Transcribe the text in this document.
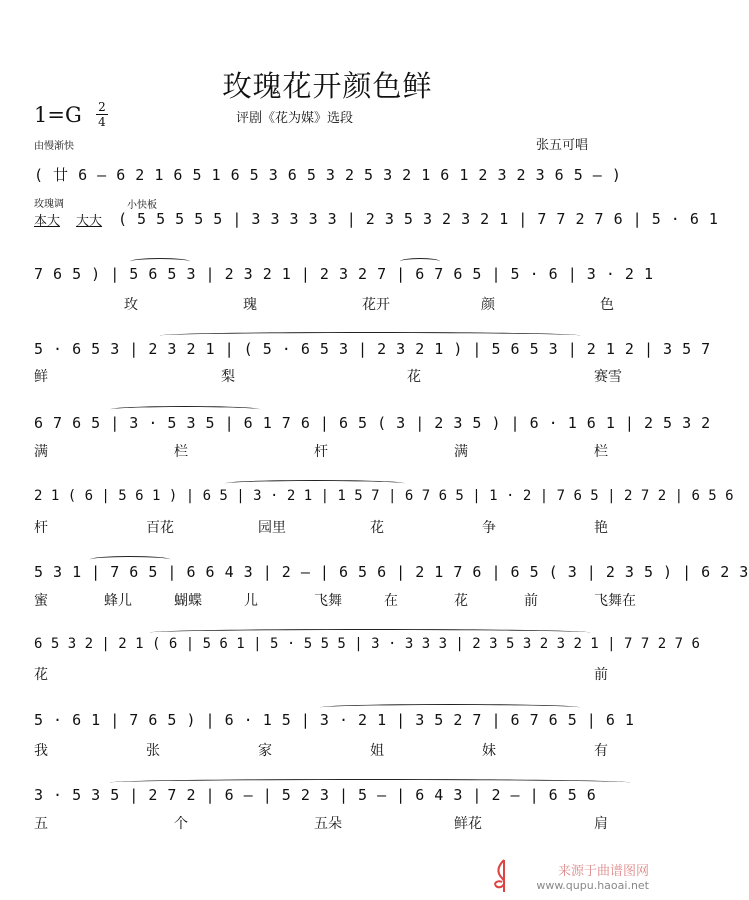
玫瑰花开颜色鲜
1=G 2
4	评剧《花为媒》选段
由慢渐快	张五可唱
玫瑰调	小快板
本大 大大
( 廿 6 – 6 2 1 6 5 1 6 5 3 6 5 3 2 5 3 2 1 6 1 2 3 2 3 6 5 – )
( 5 5 5 5 5 | 3 3 3 3 3 | 2 3 5 3 2 3 2 1 | 7 7 2 7 6 | 5 · 6 1
7 6 5 ) | 5 6 5 3 | 2 3 2 1 | 2 3 2 7 | 6 7 6 5 | 5 · 6 | 3 · 2 1
5 · 6 5 3 | 2 3 2 1 | ( 5 · 6 5 3 | 2 3 2 1 ) | 5 6 5 3 | 2 1 2 | 3 5 7
6 7 6 5 | 3 · 5 3 5 | 6 1 7 6 | 6 5 ( 3 | 2 3 5 ) | 6 · 1 6 1 | 2 5 3 2
2 1 ( 6 | 5 6 1 ) | 6 5 | 3 · 2 1 | 1 5 7 | 6 7 6 5 | 1 · 2 | 7 6 5 | 2 7 2 | 6 5 6
5 3 1 | 7 6 5 | 6 6 4 3 | 2 – | 6 5 6 | 2 1 7 6 | 6 5 ( 3 | 2 3 5 ) | 6 2 3
6 5 3 2 | 2 1 ( 6 | 5 6 1 | 5 · 5 5 5 | 3 · 3 3 3 | 2 3 5 3 2 3 2 1 | 7 7 2 7 6
5 · 6 1 | 7 6 5 ) | 6 · 1 5 | 3 · 2 1 | 3 5 2 7 | 6 7 6 5 | 6 1
3 · 5 3 5 | 2 7 2 | 6 – | 5 2 3 | 5 – | 6 4 3 | 2 – | 6 5 6
玫	瑰	花开	颜	色
鲜	梨	花	赛雪
满	栏	杆	满	栏
杆	百花	园里	花	争	艳
蜜	蜂儿	蝴蝶	儿	飞舞	在	花	前	飞舞在
花	前
我	张	家	姐	妹	有
五	个	五朵	鲜花	肩
来源于曲谱图网
www.qupu.haoai.net
